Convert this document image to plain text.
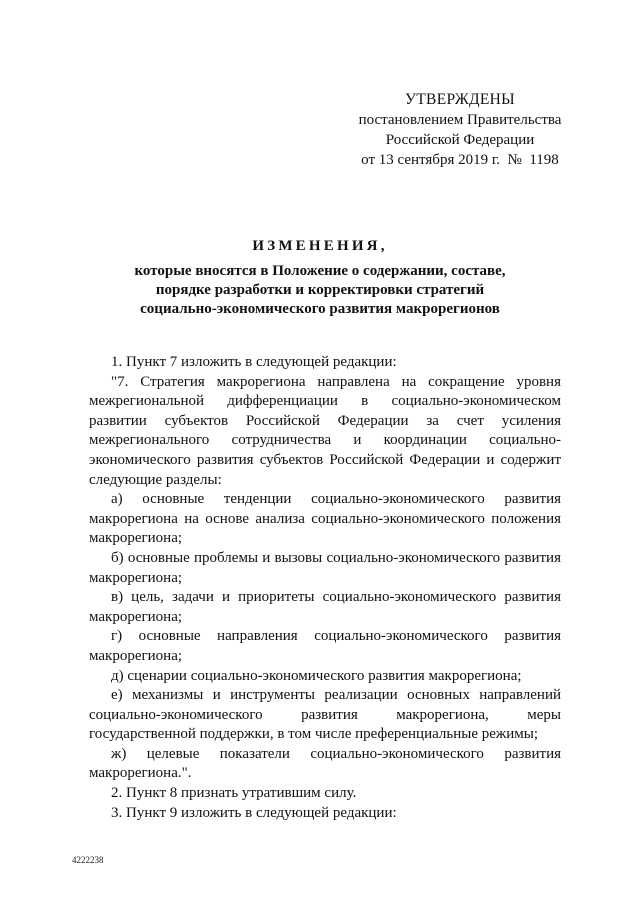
УТВЕРЖДЕНЫ
постановлением Правительства
Российской Федерации
от 13 сентября 2019 г.  №  1198
ИЗМЕНЕНИЯ,
которые вносятся в Положение о содержании, составе,
порядке разработки и корректировки стратегий
социально-экономического развития макрорегионов

1. Пункт 7 изложить в следующей редакции:

"7. Стратегия макрорегиона направлена на сокращение уровня межрегиональной дифференциации в социально-экономическом развитии субъектов Российской Федерации за счет усиления межрегионального сотрудничества и координации социально-экономического развития субъектов Российской Федерации и содержит следующие разделы:

а) основные тенденции социально-экономического развития макрорегиона на основе анализа социально-экономического положения макрорегиона;

б) основные проблемы и вызовы социально-экономического развития макрорегиона;

в) цель, задачи и приоритеты социально-экономического развития макрорегиона;

г) основные направления социально-экономического развития макрорегиона;

д) сценарии социально-экономического развития макрорегиона;

е) механизмы и инструменты реализации основных направлений социально-экономического развития макрорегиона, меры государственной поддержки, в том числе преференциальные режимы;

ж) целевые показатели социально-экономического развития макрорегиона.".

2. Пункт 8 признать утратившим силу.

3. Пункт 9 изложить в следующей редакции:

4222238
